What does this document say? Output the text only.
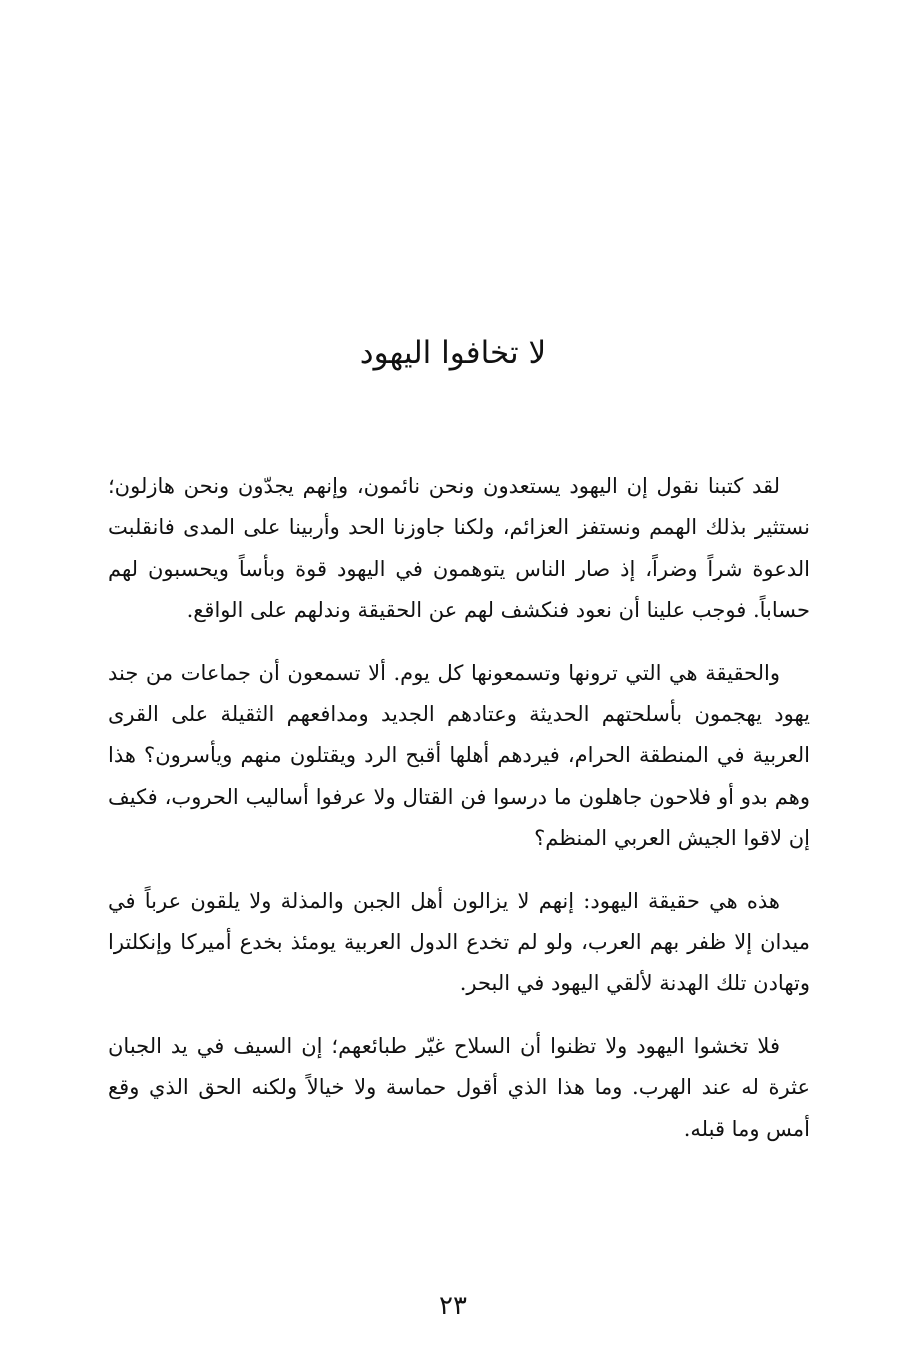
لا تخافوا اليهود

لقد كتبنا نقول إن اليهود يستعدون ونحن نائمون، وإنهم يجدّون ونحن هازلون؛ نستثير بذلك الهمم ونستفز العزائم، ولكنا جاوزنا الحد وأربينا على المدى فانقلبت الدعوة شراً وضراً، إذ صار الناس يتوهمون في اليهود قوة وبأساً ويحسبون لهم حساباً. فوجب علينا أن نعود فنكشف لهم عن الحقيقة وندلهم على الواقع.

والحقيقة هي التي ترونها وتسمعونها كل يوم. ألا تسمعون أن جماعات من جند يهود يهجمون بأسلحتهم الحديثة وعتادهم الجديد ومدافعهم الثقيلة على القرى العربية في المنطقة الحرام، فيردهم أهلها أقبح الرد ويقتلون منهم ويأسرون؟ هذا وهم بدو أو فلاحون جاهلون ما درسوا فن القتال ولا عرفوا أساليب الحروب، فكيف إن لاقوا الجيش العربي المنظم؟

هذه هي حقيقة اليهود: إنهم لا يزالون أهل الجبن والمذلة ولا يلقون عرباً في ميدان إلا ظفر بهم العرب، ولو لم تخدع الدول العربية يومئذ بخدع أميركا وإنكلترا وتهادن تلك الهدنة لألقي اليهود في البحر.

فلا تخشوا اليهود ولا تظنوا أن السلاح غيّر طبائعهم؛ إن السيف في يد الجبان عثرة له عند الهرب. وما هذا الذي أقول حماسة ولا خيالاً ولكنه الحق الذي وقع أمس وما قبله.

٢٣
